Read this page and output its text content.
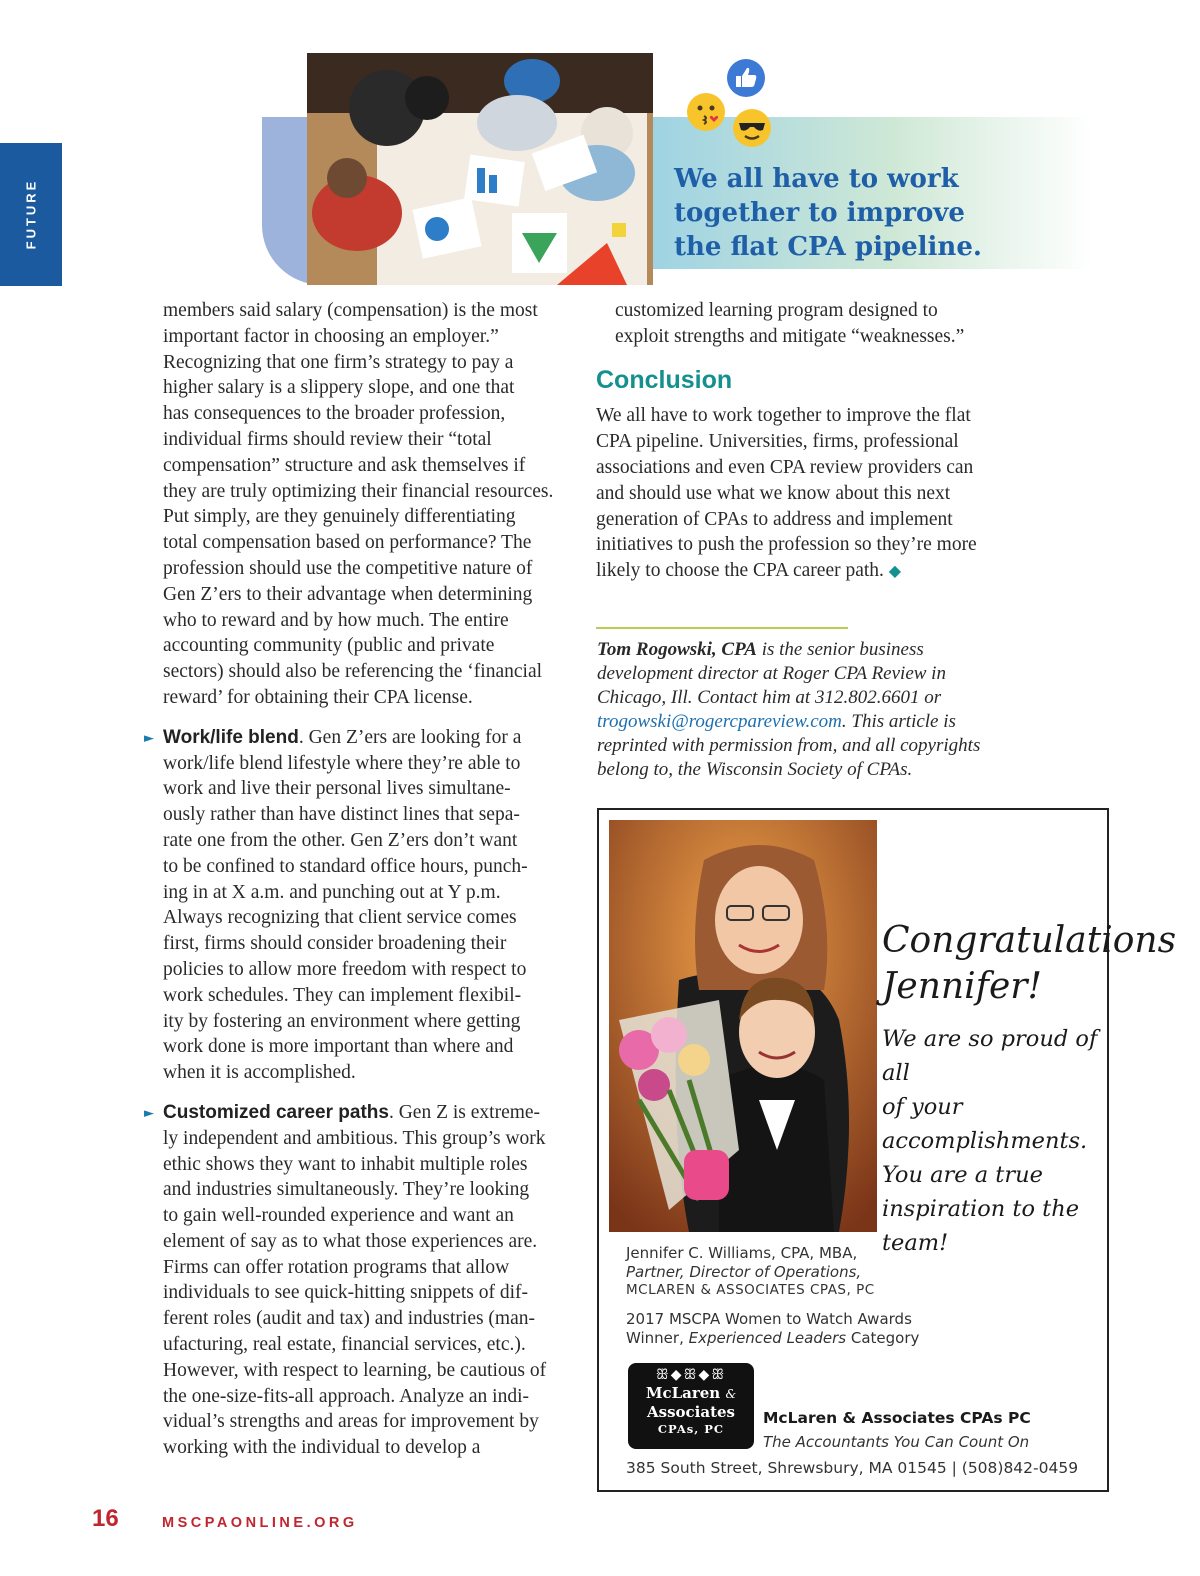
FUTURE	We all have to work
together to improve
the flat CPA pipeline.

members said salary (compensation) is the most
important factor in choosing an employer.”
Recognizing that one firm’s strategy to pay a
higher salary is a slippery slope, and one that
has consequences to the broader profession,
individual firms should review their “total
compensation” structure and ask themselves if
they are truly optimizing their financial resources.
Put simply, are they genuinely differentiating
total compensation based on performance? The
profession should use the competitive nature of
Gen Z’ers to their advantage when determining
who to reward and by how much. The entire
accounting community (public and private
sectors) should also be referencing the ‘financial
reward’ for obtaining their CPA license.

► Work/life blend. Gen Z’ers are looking for a
work/life blend lifestyle where they’re able to
work and live their personal lives simultane-
ously rather than have distinct lines that sepa-
rate one from the other. Gen Z’ers don’t want
to be confined to standard office hours, punch-
ing in at X a.m. and punching out at Y p.m.
Always recognizing that client service comes
first, firms should consider broadening their
policies to allow more freedom with respect to
work schedules. They can implement flexibil-
ity by fostering an environment where getting
work done is more important than where and
when it is accomplished.

► Customized career paths. Gen Z is extreme-
ly independent and ambitious. This group’s work
ethic shows they want to inhabit multiple roles
and industries simultaneously. They’re looking
to gain well-rounded experience and want an
element of say as to what those experiences are.
Firms can offer rotation programs that allow
individuals to see quick-hitting snippets of dif-
ferent roles (audit and tax) and industries (man-
ufacturing, real estate, financial services, etc.).
However, with respect to learning, be cautious of
the one-size-fits-all approach. Analyze an indi-
vidual’s strengths and areas for improvement by
working with the individual to develop a

customized learning program designed to
exploit strengths and mitigate “weaknesses.”

Conclusion

We all have to work together to improve the flat
CPA pipeline. Universities, firms, professional
associations and even CPA review providers can
and should use what we know about this next
generation of CPAs to address and implement
initiatives to push the profession so they’re more
likely to choose the CPA career path. ◆

Tom Rogowski, CPA is the senior business
development director at Roger CPA Review in
Chicago, Ill. Contact him at 312.802.6601 or
trogowski@rogercpareview.com. This article is
reprinted with permission from, and all copyrights
belong to, the Wisconsin Society of CPAs.
Congratulations
Jennifer!
We are so proud of all
of your accomplishments.
You are a true
inspiration to the team!
Jennifer C. Williams, CPA, MBA,
Partner, Director of Operations,
MCLAREN & ASSOCIATES CPAS, PC
2017 MSCPA Women to Watch Awards
Winner, Experienced Leaders Category
ꕥ◆ꕥ◆ꕥ
McLaren &
Associates
CPAs, PC
McLaren & Associates CPAs PC
The Accountants You Can Count On
385 South Street, Shrewsbury, MA 01545 | (508)842-0459
16	MSCPAONLINE.ORG
